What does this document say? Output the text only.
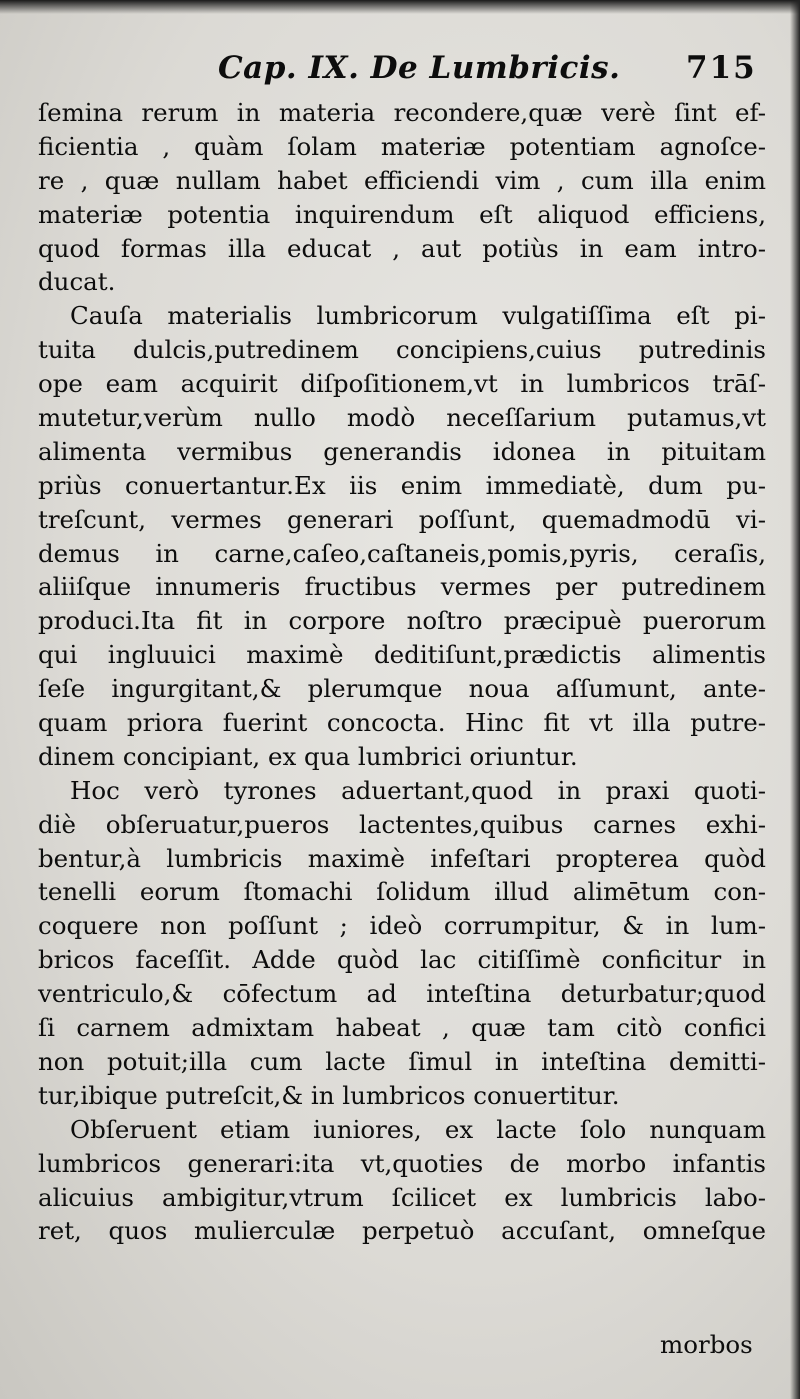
Cap. IX. De Lumbricis. 715
ſemina rerum in materia recondere,quæ verè ſint ef-
ficientia , quàm ſolam materiæ potentiam agnoſce-
re , quæ nullam habet efficiendi vim , cum illa enim
materiæ potentia inquirendum eſt aliquod efficiens,
quod formas illa educat , aut potiùs in eam intro-
ducat.
Cauſa materialis lumbricorum vulgatiſſima eſt pi-
tuita dulcis,putredinem concipiens,cuius putredinis
ope eam acquirit diſpoſitionem,vt in lumbricos trāſ-
mutetur,verùm nullo modò neceſſarium putamus,vt
alimenta vermibus generandis idonea in pituitam
priùs conuertantur.Ex iis enim immediatè, dum pu-
treſcunt, vermes generari poſſunt, quemadmodū vi-
demus in carne,caſeo,caſtaneis,pomis,pyris, ceraſis,
aliiſque innumeris fructibus vermes per putredinem
produci.Ita fit in corpore noſtro præcipuè puerorum
qui ingluuici maximè deditiſunt,prædictis alimentis
ſeſe ingurgitant,& plerumque noua aſſumunt, ante-
quam priora fuerint concocta. Hinc fit vt illa putre-
dinem concipiant, ex qua lumbrici oriuntur.
Hoc verò tyrones aduertant,quod in praxi quoti-
diè obſeruatur,pueros lactentes,quibus carnes exhi-
bentur,à lumbricis maximè infeſtari propterea quòd
tenelli eorum ſtomachi ſolidum illud alimētum con-
coquere non poſſunt ; ideò corrumpitur, & in lum-
bricos faceſſit. Adde quòd lac citiſſimè conficitur in
ventriculo,& cōfectum ad inteſtina deturbatur;quod
ſi carnem admixtam habeat , quæ tam citò confici
non potuit;illa cum lacte ſimul in inteſtina demitti-
tur,ibique putreſcit,& in lumbricos conuertitur.
Obſeruent etiam iuniores, ex lacte ſolo nunquam
lumbricos generari:ita vt,quoties de morbo infantis
alicuius ambigitur,vtrum ſcilicet ex lumbricis labo-
ret, quos mulierculæ perpetuò accuſant, omneſque
morbos
